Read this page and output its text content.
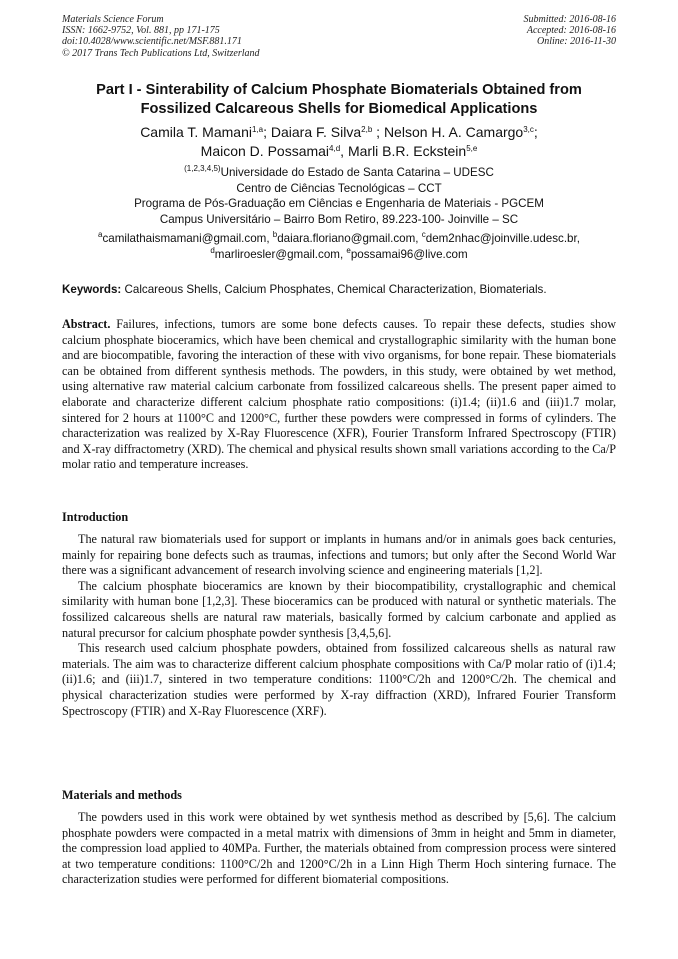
Materials Science Forum
ISSN: 1662-9752, Vol. 881, pp 171-175
doi:10.4028/www.scientific.net/MSF.881.171
© 2017 Trans Tech Publications Ltd, Switzerland
Submitted: 2016-08-16
Accepted: 2016-08-16
Online: 2016-11-30
Part I - Sinterability of Calcium Phosphate Biomaterials Obtained from
Fossilized Calcareous Shells for Biomedical Applications
Camila T. Mamani$^{1,a}$; Daiara F. Silva$^{2,b}$ ; Nelson H. A. Camargo$^{3,c}$;
Maicon D. Possamai$^{4,d}$, Marli B.R. Eckstein$^{5,e}$
$^{(1,2,3,4,5)}$Universidade do Estado de Santa Catarina – UDESC
Centro de Ciências Tecnológicas – CCT
Programa de Pós-Graduação em Ciências e Engenharia de Materiais - PGCEM
Campus Universitário – Bairro Bom Retiro, 89.223-100- Joinville – SC
$^a$camilathaismamani@gmail.com, $^b$daiara.floriano@gmail.com, $^c$dem2nhac@joinville.udesc.br,
$^d$marliroesler@gmail.com, $^e$possamai96@live.com

Keywords: Calcareous Shells, Calcium Phosphates, Chemical Characterization, Biomaterials.

Abstract. Failures, infections, tumors are some bone defects causes. To repair these defects, studies show calcium phosphate bioceramics, which have been chemical and crystallographic similarity with the human bone and are biocompatible, favoring the interaction of these with vivo organisms, for bone repair. These biomaterials can be obtained from different synthesis methods. The powders, in this study, were obtained by wet method, using alternative raw material calcium carbonate from fossilized calcareous shells. The present paper aimed to elaborate and characterize different calcium phosphate ratio compositions: (i)1.4; (ii)1.6 and (iii)1.7 molar, sintered for 2 hours at 1100°C and 1200°C, further these powders were compressed in forms of cylinders. The characterization was realized by X-Ray Fluorescence (XFR), Fourier Transform Infrared Spectroscopy (FTIR) and X-ray diffractometry (XRD). The chemical and physical results shown small variations according to the Ca/P molar ratio and temperature increases.

Introduction

The natural raw biomaterials used for support or implants in humans and/or in animals goes back centuries, mainly for repairing bone defects such as traumas, infections and tumors; but only after the Second World War there was a significant advancement of research involving science and engineering materials [1,2].

The calcium phosphate bioceramics are known by their biocompatibility, crystallographic and chemical similarity with human bone [1,2,3]. These bioceramics can be produced with natural or synthetic materials. The fossilized calcareous shells are natural raw materials, basically formed by calcium carbonate and applied as natural precursor for calcium phosphate powder synthesis [3,4,5,6].

This research used calcium phosphate powders, obtained from fossilized calcareous shells as natural raw materials. The aim was to characterize different calcium phosphate compositions with Ca/P molar ratio of (i)1.4; (ii)1.6; and (iii)1.7, sintered in two temperature conditions: 1100°C/2h and 1200°C/2h. The chemical and physical characterization studies were performed by X-ray diffraction (XRD), Infrared Fourier Transform Spectroscopy (FTIR) and X-Ray Fluorescence (XRF).

Materials and methods

The powders used in this work were obtained by wet synthesis method as described by [5,6]. The calcium phosphate powders were compacted in a metal matrix with dimensions of 3mm in height and 5mm in diameter, the compression load applied to 40MPa. Further, the materials obtained from compression process were sintered at two temperature conditions: 1100°C/2h and 1200°C/2h in a Linn High Therm Hoch sintering furnace. The characterization studies were performed for different biomaterial compositions.
